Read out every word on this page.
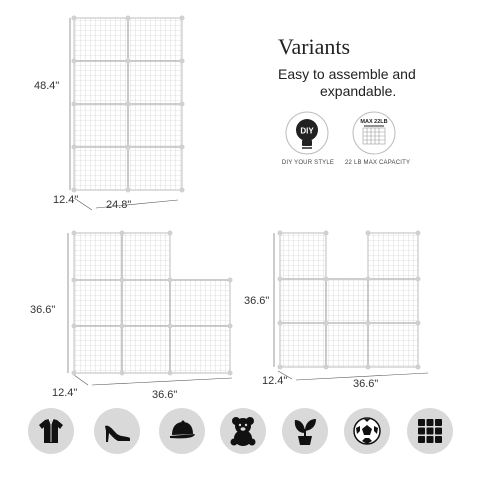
Variants
Easy to assemble and
expandable.
DIY
DIY YOUR STYLE
MAX 22LB
22 LB MAX CAPACITY
48.4"
12.4"	24.8"
36.6"
12.4"	36.6"
36.6"
12.4"	36.6"
